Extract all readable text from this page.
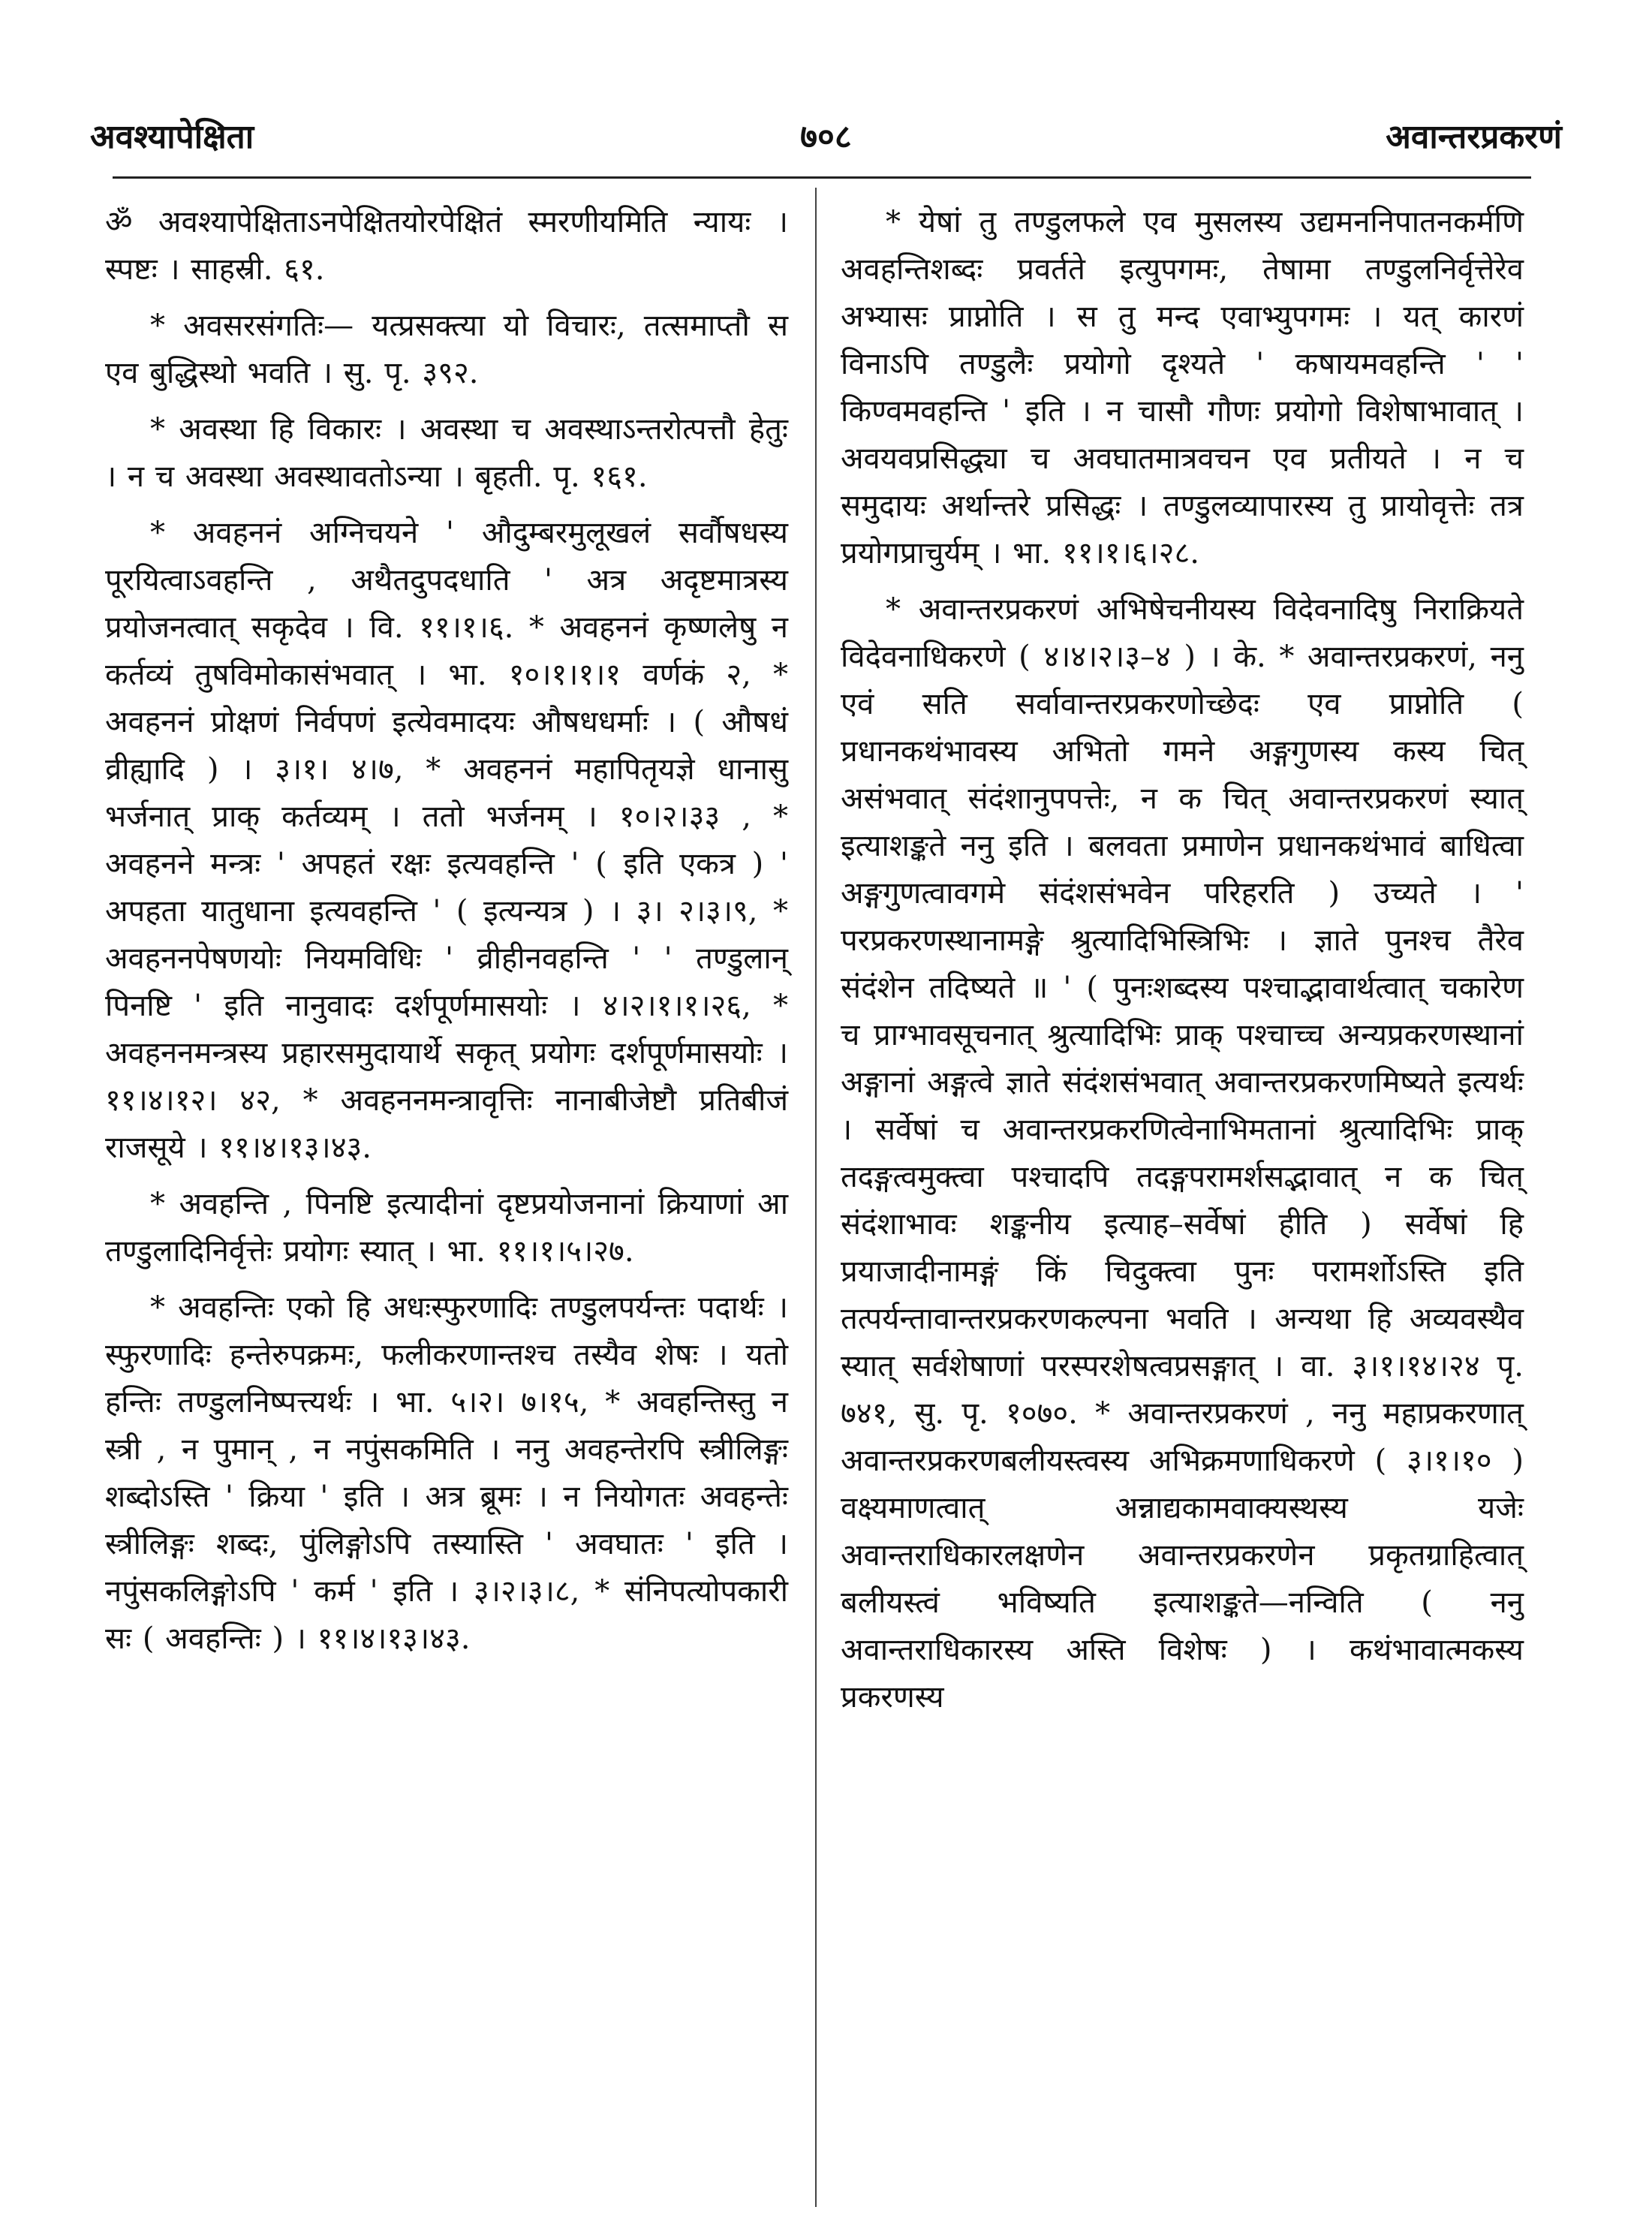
अवश्यापेक्षिता	७०८	अवान्तरप्रकरणं

ॐ अवश्यापेक्षिताऽनपेक्षितयोरपेक्षितं स्मरणीयमिति न्यायः । स्पष्टः । साहस्री. ६१.

* अवसरसंगतिः— यत्प्रसक्त्या यो विचारः, तत्समाप्तौ स एव बुद्धिस्थो भवति । सु. पृ. ३९२.

* अवस्था हि विकारः । अवस्था च अवस्थाऽन्तरोत्पत्तौ हेतुः । न च अवस्था अवस्थावतोऽन्या । बृहती. पृ. १६१.

* अवहननं अग्निचयने ' औदुम्बरमुलूखलं सर्वौषधस्य पूरयित्वाऽवहन्ति , अथैतदुपदधाति ' अत्र अदृष्टमात्रस्य प्रयोजनत्वात् सकृदेव । वि. ११।१।६. * अवहननं कृष्णलेषु न कर्तव्यं तुषविमोकासंभवात् । भा. १०।१।१।१ वर्णकं २, * अवहननं प्रोक्षणं निर्वपणं इत्येवमादयः औषधधर्माः । ( औषधं व्रीह्यादि ) । ३।१। ४।७, * अवहननं महापितृयज्ञे धानासु भर्जनात् प्राक् कर्तव्यम् । ततो भर्जनम् । १०।२।३३ , * अवहनने मन्त्रः ' अपहतं रक्षः इत्यवहन्ति ' ( इति एकत्र ) ' अपहता यातुधाना इत्यवहन्ति ' ( इत्यन्यत्र ) । ३। २।३।९, * अवहननपेषणयोः नियमविधिः ' व्रीहीनवहन्ति ' ' तण्डुलान् पिनष्टि ' इति नानुवादः दर्शपूर्णमासयोः । ४।२।१।१।२६, * अवहननमन्त्रस्य प्रहारसमुदायार्थे सकृत् प्रयोगः दर्शपूर्णमासयोः । ११।४।१२। ४२, * अवहननमन्त्रावृत्तिः नानाबीजेष्टौ प्रतिबीजं राजसूये । ११।४।१३।४३.

* अवहन्ति , पिनष्टि इत्यादीनां दृष्टप्रयोजनानां क्रियाणां आ तण्डुलादिनिर्वृत्तेः प्रयोगः स्यात् । भा. ११।१।५।२७.

* अवहन्तिः एको हि अधःस्फुरणादिः तण्डुलपर्यन्तः पदार्थः । स्फुरणादिः हन्तेरुपक्रमः, फलीकरणान्तश्च तस्यैव शेषः । यतो हन्तिः तण्डुलनिष्पत्त्यर्थः । भा. ५।२। ७।१५, * अवहन्तिस्तु न स्त्री , न पुमान् , न नपुंसकमिति । ननु अवहन्तेरपि स्त्रीलिङ्गः शब्दोऽस्ति ' क्रिया ' इति । अत्र ब्रूमः । न नियोगतः अवहन्तेः स्त्रीलिङ्गः शब्दः, पुंलिङ्गोऽपि तस्यास्ति ' अवघातः ' इति । नपुंसकलिङ्गोऽपि ' कर्म ' इति । ३।२।३।८, * संनिपत्योपकारी सः ( अवहन्तिः ) । ११।४।१३।४३.

* येषां तु तण्डुलफले एव मुसलस्य उद्यमननिपातनकर्मणि अवहन्तिशब्दः प्रवर्तते इत्युपगमः, तेषामा तण्डुलनिर्वृत्तेरेव अभ्यासः प्राप्नोति । स तु मन्द एवाभ्युपगमः । यत् कारणं विनाऽपि तण्डुलैः प्रयोगो दृश्यते ' कषायमवहन्ति ' ' किण्वमवहन्ति ' इति । न चासौ गौणः प्रयोगो विशेषाभावात् । अवयवप्रसिद्ध्या च अवघातमात्रवचन एव प्रतीयते । न च समुदायः अर्थान्तरे प्रसिद्धः । तण्डुलव्यापारस्य तु प्रायोवृत्तेः तत्र प्रयोगप्राचुर्यम् । भा. ११।१।६।२८.

* अवान्तरप्रकरणं अभिषेचनीयस्य विदेवनादिषु निराक्रियते विदेवनाधिकरणे ( ४।४।२।३–४ ) । के. * अवान्तरप्रकरणं, ननु एवं सति सर्वावान्तरप्रकरणोच्छेदः एव प्राप्नोति ( प्रधानकथंभावस्य अभितो गमने अङ्गगुणस्य कस्य चित् असंभवात् संदंशानुपपत्तेः, न क चित् अवान्तरप्रकरणं स्यात् इत्याशङ्कते ननु इति । बलवता प्रमाणेन प्रधानकथंभावं बाधित्वा अङ्गगुणत्वावगमे संदंशसंभवेन परिहरति ) उच्यते । ' परप्रकरणस्थानामङ्गे श्रुत्यादिभिस्त्रिभिः । ज्ञाते पुनश्च तैरेव संदंशेन तदिष्यते ॥ ' ( पुनःशब्दस्य पश्चाद्भावार्थत्वात् चकारेण च प्राग्भावसूचनात् श्रुत्यादिभिः प्राक् पश्चाच्च अन्यप्रकरणस्थानां अङ्गानां अङ्गत्वे ज्ञाते संदंशसंभवात् अवान्तरप्रकरणमिष्यते इत्यर्थः । सर्वेषां च अवान्तरप्रकरणित्वेनाभिमतानां श्रुत्यादिभिः प्राक् तदङ्गत्वमुक्त्वा पश्चादपि तदङ्गपरामर्शसद्भावात् न क चित् संदंशाभावः शङ्कनीय इत्याह–सर्वेषां हीति ) सर्वेषां हि प्रयाजादीनामङ्गं किं चिदुक्त्वा पुनः परामर्शोऽस्ति इति तत्पर्यन्तावान्तरप्रकरणकल्पना भवति । अन्यथा हि अव्यवस्थैव स्यात् सर्वशेषाणां परस्परशेषत्वप्रसङ्गात् । वा. ३।१।१४।२४ पृ. ७४१, सु. पृ. १०७०. * अवान्तरप्रकरणं , ननु महाप्रकरणात् अवान्तरप्रकरणबलीयस्त्वस्य अभिक्रमणाधिकरणे ( ३।१।१० ) वक्ष्यमाणत्वात् अन्नाद्यकामवाक्यस्थस्य यजेः अवान्तराधिकारलक्षणेन अवान्तरप्रकरणेन प्रकृतग्राहित्वात् बलीयस्त्वं भविष्यति इत्याशङ्कते—नन्विति ( ननु अवान्तराधिकारस्य अस्ति विशेषः ) । कथंभावात्मकस्य प्रकरणस्य
